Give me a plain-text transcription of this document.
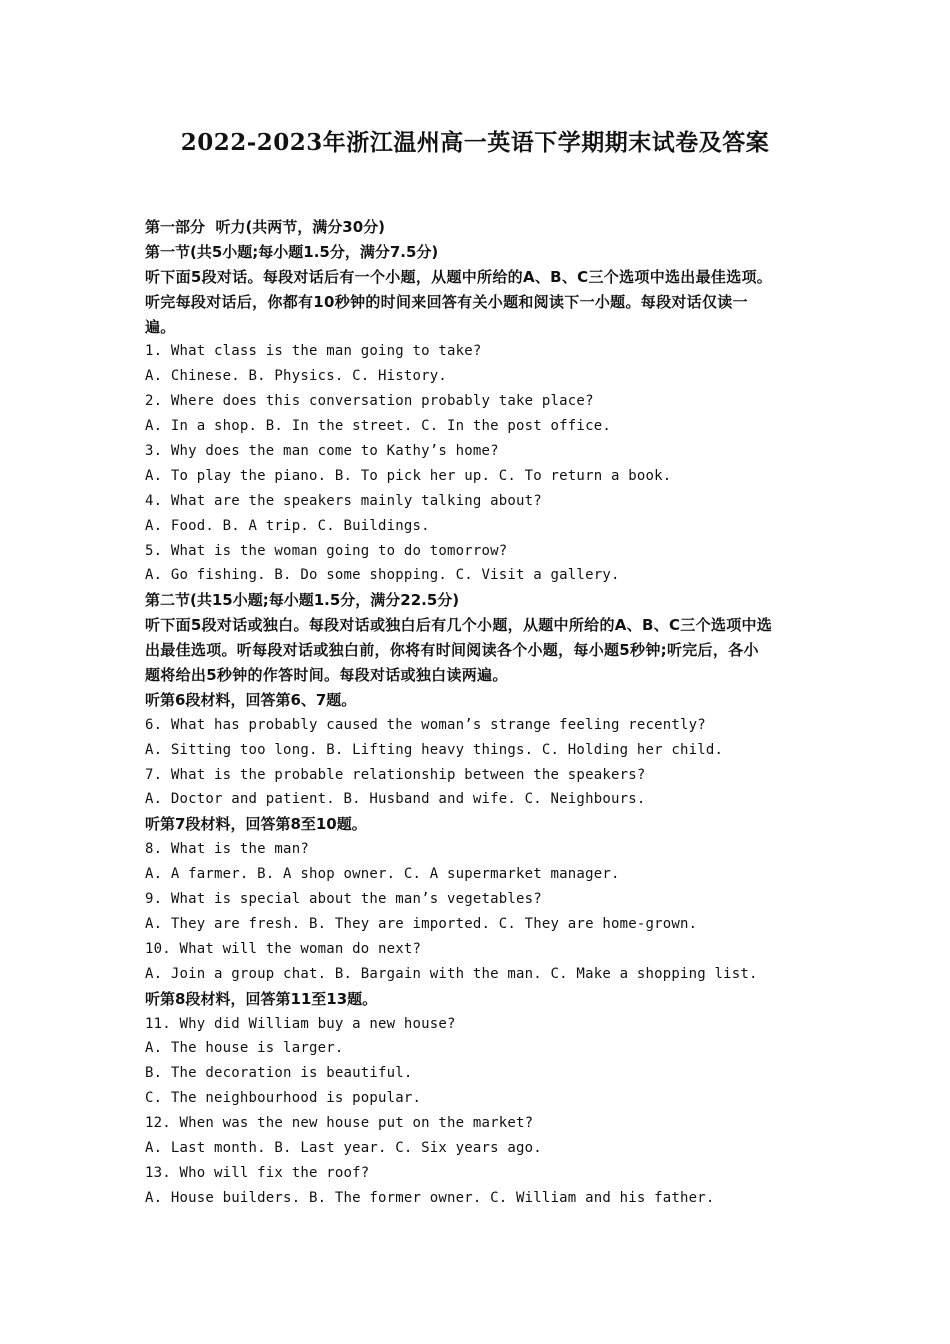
2022-2023年浙江温州高一英语下学期期末试卷及答案
第一部分  听力(共两节，满分30分)
第一节(共5小题;每小题1.5分，满分7.5分)
听下面5段对话。每段对话后有一个小题，从题中所给的A、B、C三个选项中选出最佳选项。
听完每段对话后，你都有10秒钟的时间来回答有关小题和阅读下一小题。每段对话仅读一
遍。
1. What class is the man going to take?
A. Chinese. B. Physics. C. History.
2. Where does this conversation probably take place?
A. In a shop. B. In the street. C. In the post office.
3. Why does the man come to Kathy’s home?
A. To play the piano. B. To pick her up. C. To return a book.
4. What are the speakers mainly talking about?
A. Food. B. A trip. C. Buildings.
5. What is the woman going to do tomorrow?
A. Go fishing. B. Do some shopping. C. Visit a gallery.
第二节(共15小题;每小题1.5分，满分22.5分)
听下面5段对话或独白。每段对话或独白后有几个小题，从题中所给的A、B、C三个选项中选
出最佳选项。听每段对话或独白前，你将有时间阅读各个小题，每小题5秒钟;听完后，各小
题将给出5秒钟的作答时间。每段对话或独白读两遍。
听第6段材料，回答第6、7题。
6. What has probably caused the woman’s strange feeling recently?
A. Sitting too long. B. Lifting heavy things. C. Holding her child.
7. What is the probable relationship between the speakers?
A. Doctor and patient. B. Husband and wife. C. Neighbours.
听第7段材料，回答第8至10题。
8. What is the man?
A. A farmer. B. A shop owner. C. A supermarket manager.
9. What is special about the man’s vegetables?
A. They are fresh. B. They are imported. C. They are home-grown.
10. What will the woman do next?
A. Join a group chat. B. Bargain with the man. C. Make a shopping list.
听第8段材料，回答第11至13题。
11. Why did William buy a new house?
A. The house is larger.
B. The decoration is beautiful.
C. The neighbourhood is popular.
12. When was the new house put on the market?
A. Last month. B. Last year. C. Six years ago.
13. Who will fix the roof?
A. House builders. B. The former owner. C. William and his father.
